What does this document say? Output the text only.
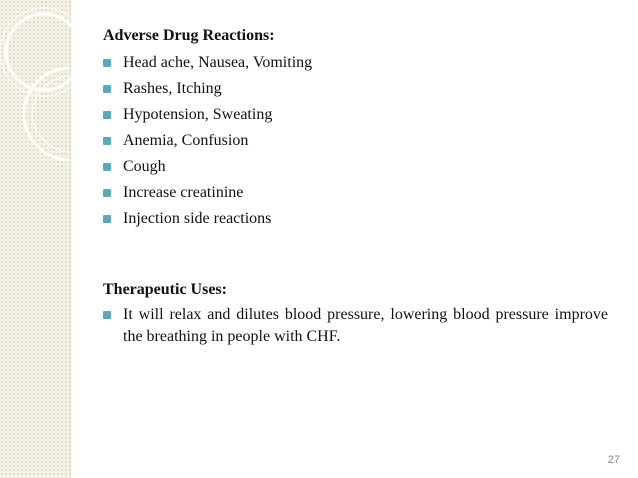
Adverse Drug Reactions:

Head ache, Nausea, Vomiting
Rashes, Itching
Hypotension, Sweating
Anemia, Confusion
Cough
Increase creatinine
Injection side reactions

Therapeutic Uses:

It will relax and dilutes blood pressure, lowering blood pressure improve the breathing in people with CHF.
27
